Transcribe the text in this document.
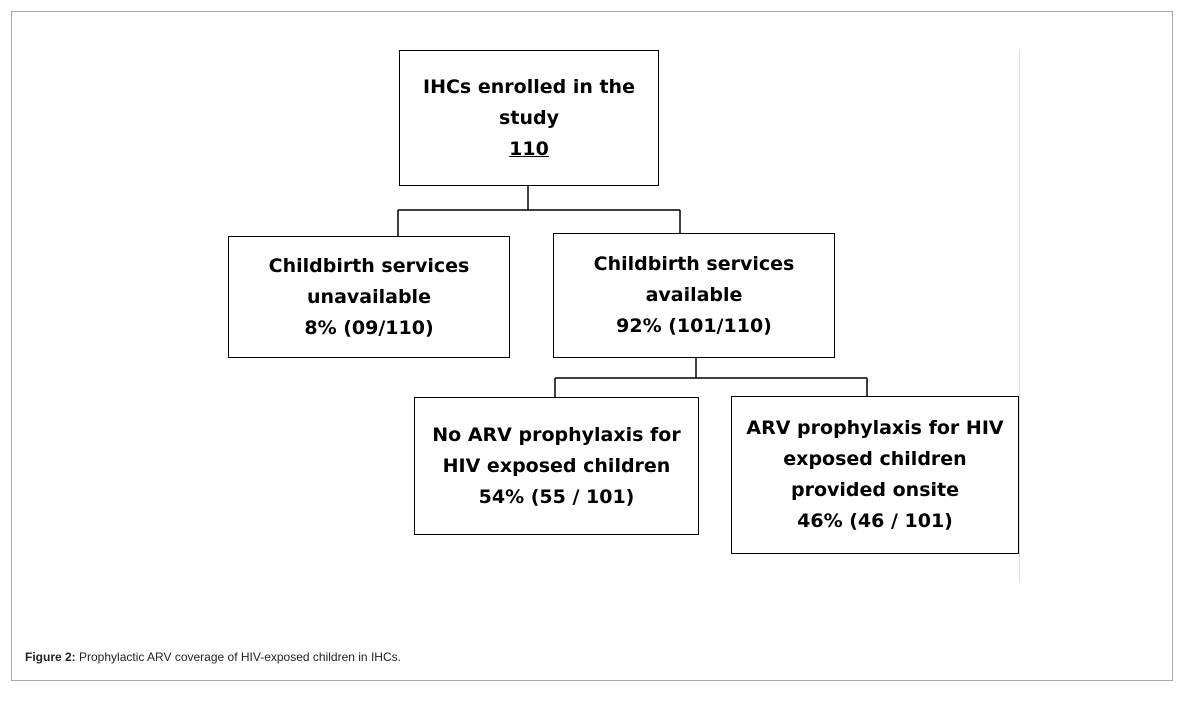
IHCs enrolled in the
study
110
Childbirth services
unavailable
8% (09/110)
Childbirth services
available
92% (101/110)
No ARV prophylaxis for
HIV exposed children
54% (55 / 101)
ARV prophylaxis for HIV
exposed children
provided onsite
46% (46 / 101)
Figure 2: Prophylactic ARV coverage of HIV-exposed children in IHCs.
